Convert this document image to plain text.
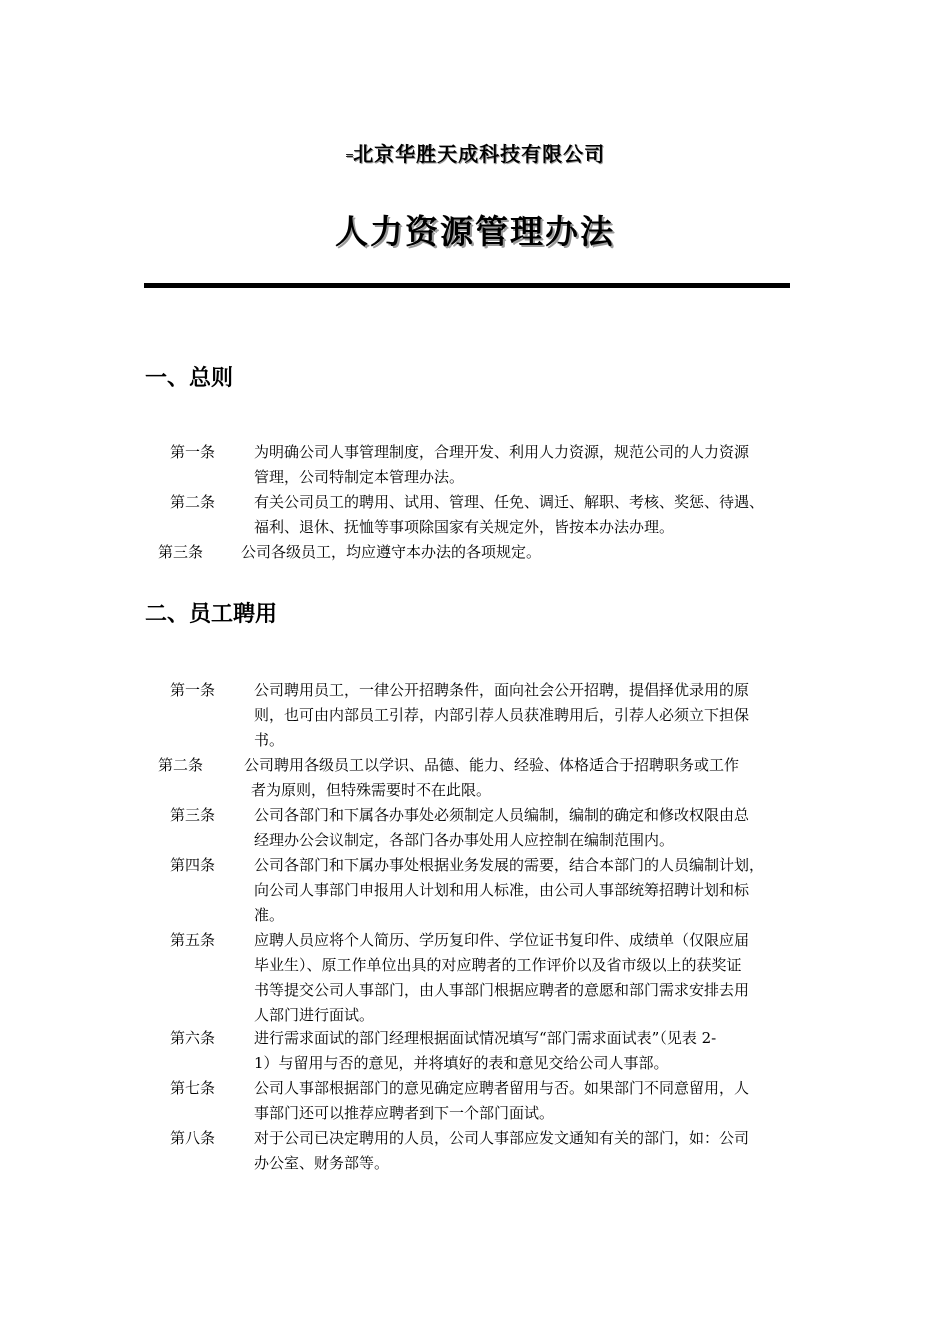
=北京华胜天成科技有限公司
人力资源管理办法
一、总则
第一条	为明确公司人事管理制度，合理开发、利用人力资源，规范公司的人力资源
管理，公司特制定本管理办法。
第二条	有关公司员工的聘用、试用、管理、任免、调迁、解职、考核、奖惩、待遇、
福利、退休、抚恤等事项除国家有关规定外，皆按本办法办理。
第三条	公司各级员工，均应遵守本办法的各项规定。
二、员工聘用
第一条	公司聘用员工，一律公开招聘条件，面向社会公开招聘，提倡择优录用的原
则，也可由内部员工引荐，内部引荐人员获准聘用后，引荐人必须立下担保
书。
第二条	公司聘用各级员工以学识、品德、能力、经验、体格适合于招聘职务或工作
者为原则，但特殊需要时不在此限。
第三条	公司各部门和下属各办事处必须制定人员编制，编制的确定和修改权限由总
经理办公会议制定，各部门各办事处用人应控制在编制范围内。
第四条	公司各部门和下属办事处根据业务发展的需要，结合本部门的人员编制计划，
向公司人事部门申报用人计划和用人标准，由公司人事部统筹招聘计划和标
准。
第五条	应聘人员应将个人简历、学历复印件、学位证书复印件、成绩单（仅限应届
毕业生）、原工作单位出具的对应聘者的工作评价以及省市级以上的获奖证
书等提交公司人事部门，由人事部门根据应聘者的意愿和部门需求安排去用
人部门进行面试。
第六条	进行需求面试的部门经理根据面试情况填写“部门需求面试表”（见表 2-
1）与留用与否的意见，并将填好的表和意见交给公司人事部。
第七条	公司人事部根据部门的意见确定应聘者留用与否。如果部门不同意留用，人
事部门还可以推荐应聘者到下一个部门面试。
第八条	对于公司已决定聘用的人员，公司人事部应发文通知有关的部门，如：公司
办公室、财务部等。
